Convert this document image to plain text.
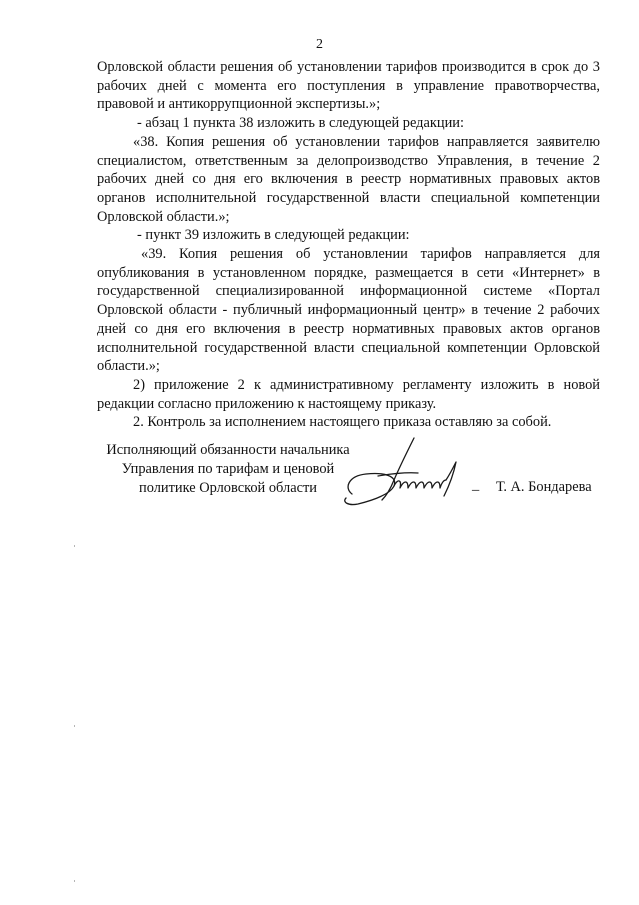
2

Орловской области решения об установлении тарифов производится в срок до 3 рабочих дней с момента его поступления в управление правотворчества, правовой и антикоррупционной экспертизы.»;

- абзац 1 пункта 38 изложить в следующей редакции:

«38. Копия решения об установлении тарифов направляется заявителю специалистом, ответственным за делопроизводство Управления, в течение 2 рабочих дней со дня его включения в реестр нормативных правовых актов органов исполнительной государственной власти специальной компетенции Орловской области.»;

- пункт 39 изложить в следующей редакции:

«39. Копия решения об установлении тарифов направляется для опубликования в установленном порядке, размещается в сети «Интернет» в государственной специализированной информационной системе «Портал Орловской области - публичный информационный центр» в течение 2 рабочих дней со дня его включения в реестр нормативных правовых актов органов исполнительной государственной власти специальной компетенции Орловской области.»;

2) приложение 2 к административному регламенту изложить в новой редакции согласно приложению к настоящему приказу.

2. Контроль за исполнением настоящего приказа оставляю за собой.

Исполняющий обязанности начальника
Управления по тарифам и ценовой
политике Орловской области	_ Т. А. Бондарева
